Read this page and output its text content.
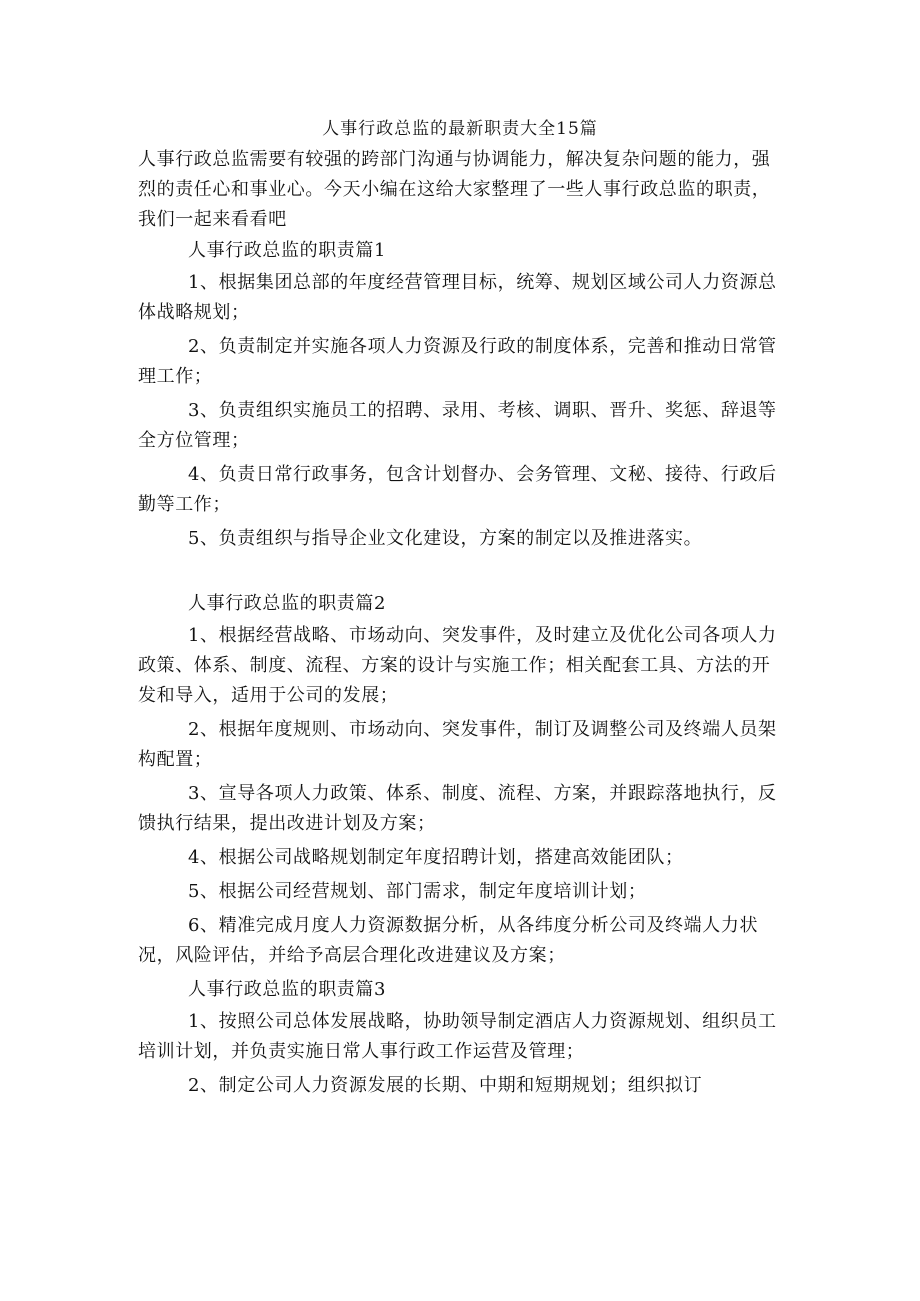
人事行政总监的最新职责大全15篇

人事行政总监需要有较强的跨部门沟通与协调能力，解决复杂问题的能力，强烈的责任心和事业心。今天小编在这给大家整理了一些人事行政总监的职责，我们一起来看看吧

人事行政总监的职责篇1

1、根据集团总部的年度经营管理目标，统筹、规划区域公司人力资源总体战略规划；

2、负责制定并实施各项人力资源及行政的制度体系，完善和推动日常管理工作；

3、负责组织实施员工的招聘、录用、考核、调职、晋升、奖惩、辞退等全方位管理；

4、负责日常行政事务，包含计划督办、会务管理、文秘、接待、行政后勤等工作；

5、负责组织与指导企业文化建设，方案的制定以及推进落实。

人事行政总监的职责篇2

1、根据经营战略、市场动向、突发事件，及时建立及优化公司各项人力政策、体系、制度、流程、方案的设计与实施工作；相关配套工具、方法的开发和导入，适用于公司的发展；

2、根据年度规则、市场动向、突发事件，制订及调整公司及终端人员架构配置；

3、宣导各项人力政策、体系、制度、流程、方案，并跟踪落地执行，反馈执行结果，提出改进计划及方案；

4、根据公司战略规划制定年度招聘计划，搭建高效能团队；

5、根据公司经营规划、部门需求，制定年度培训计划；

6、精准完成月度人力资源数据分析，从各纬度分析公司及终端人力状况，风险评估，并给予高层合理化改进建议及方案；

人事行政总监的职责篇3

1、按照公司总体发展战略，协助领导制定酒店人力资源规划、组织员工培训计划，并负责实施日常人事行政工作运营及管理；

2、制定公司人力资源发展的长期、中期和短期规划；组织拟订
